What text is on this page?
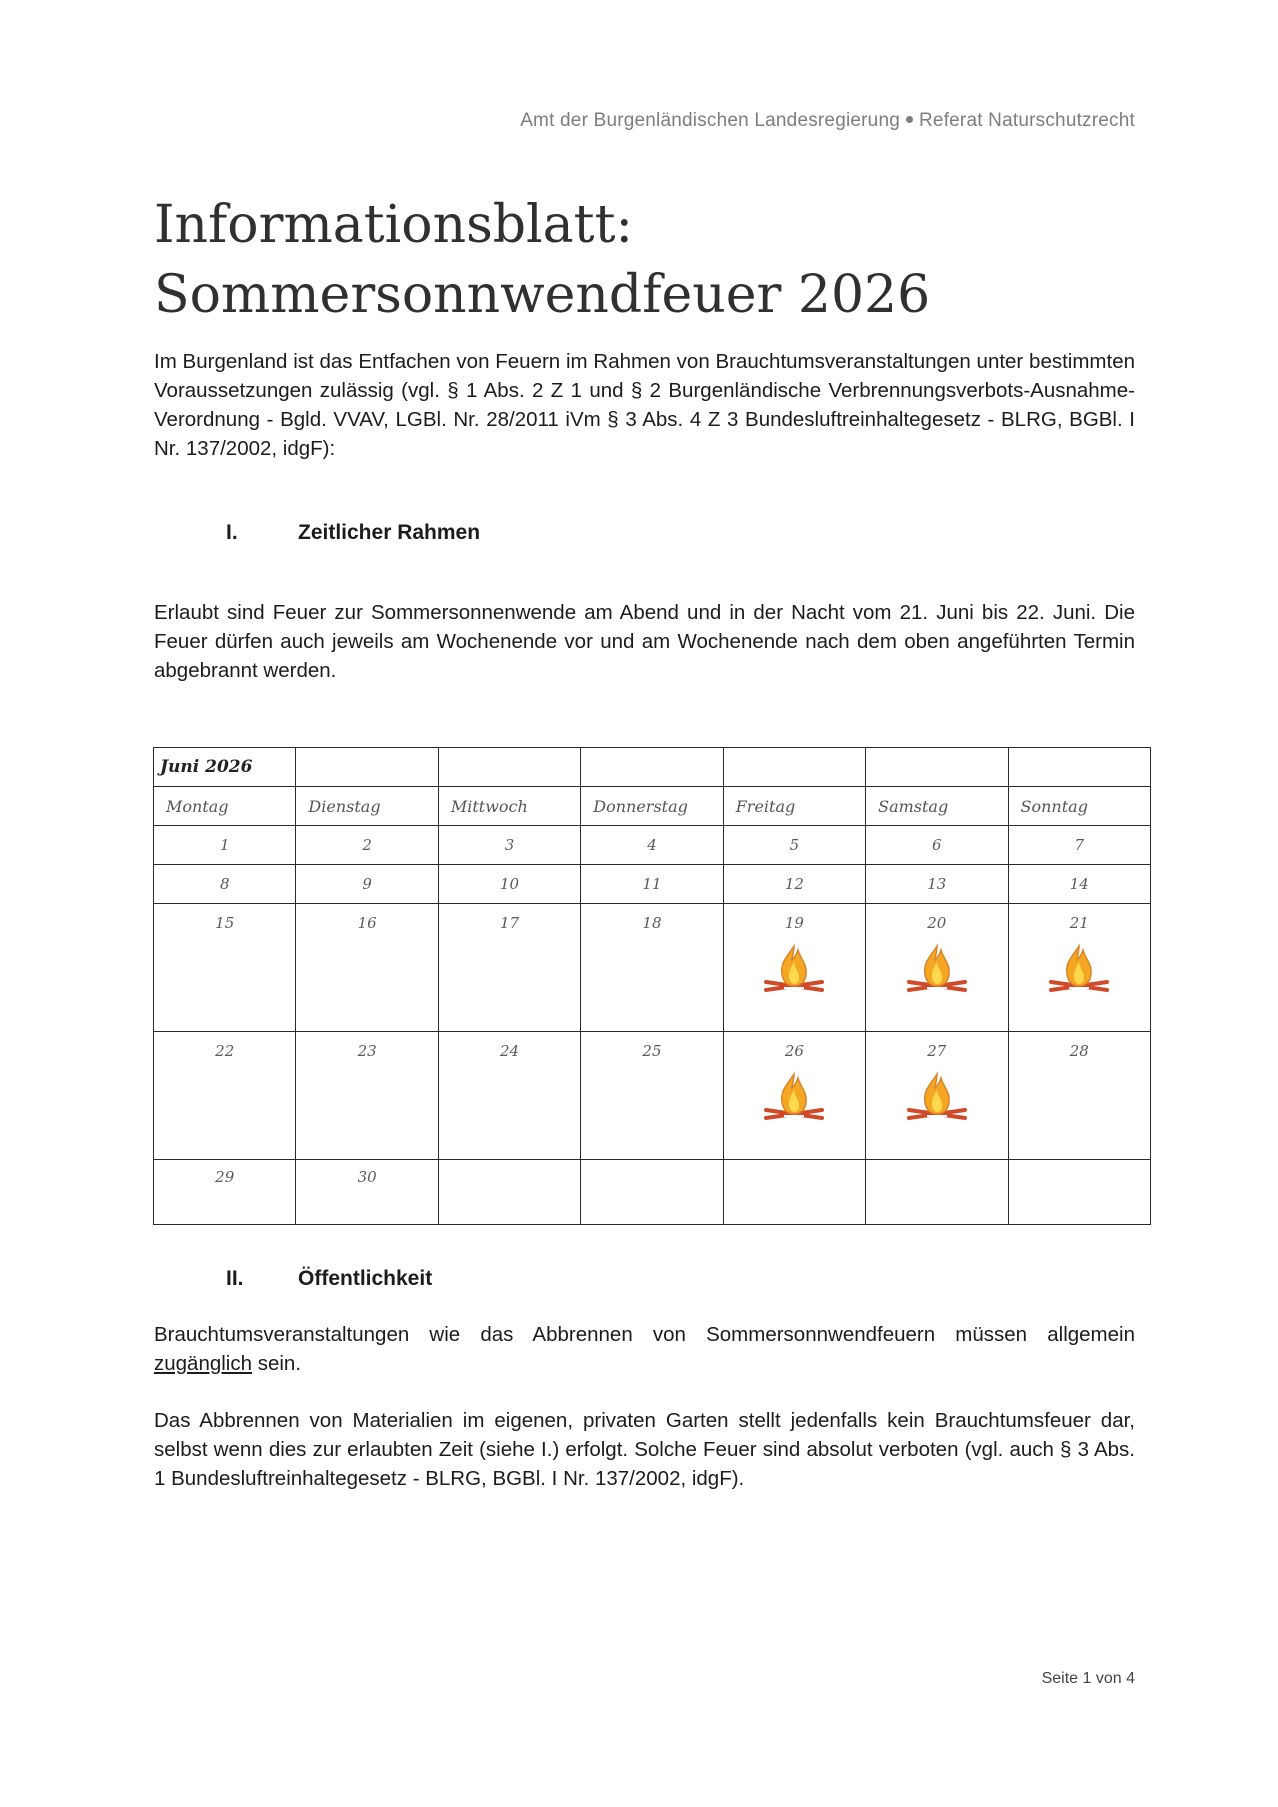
Amt der Burgenländischen Landesregierung Referat Naturschutzrecht
Informationsblatt:
Sommersonnwendfeuer 2026
Im Burgenland ist das Entfachen von Feuern im Rahmen von Brauchtumsveranstaltungen unter bestimmten Voraussetzungen zulässig (vgl. § 1 Abs. 2 Z 1 und § 2 Burgenländische Verbrennungsverbots-Ausnahme-Verordnung - Bgld. VVAV, LGBl. Nr. 28/2011 iVm § 3 Abs. 4 Z 3 Bundesluftreinhaltegesetz - BLRG, BGBl. I Nr. 137/2002, idgF):
I.	Zeitlicher Rahmen
Erlaubt sind Feuer zur Sommersonnenwende am Abend und in der Nacht vom 21. Juni bis 22. Juni. Die Feuer dürfen auch jeweils am Wochenende vor und am Wochenende nach dem oben angeführten Termin abgebrannt werden.
Juni 2026						
Montag	Dienstag	Mittwoch	Donnerstag	Freitag	Samstag	Sonntag
1	2	3	4	5	6	7
8	9	10	11	12	13	14
15	16	17	18	19	20	21

22	23	24	25	26	27	28
29	30					
II.	Öffentlichkeit
Brauchtumsveranstaltungen wie das Abbrennen von Sommersonnwendfeuern müssen allgemein zugänglich sein.
Das Abbrennen von Materialien im eigenen, privaten Garten stellt jedenfalls kein Brauchtumsfeuer dar, selbst wenn dies zur erlaubten Zeit (siehe I.) erfolgt. Solche Feuer sind absolut verboten (vgl. auch § 3 Abs. 1 Bundesluftreinhaltegesetz - BLRG, BGBl. I Nr. 137/2002, idgF).
Seite 1 von 4
